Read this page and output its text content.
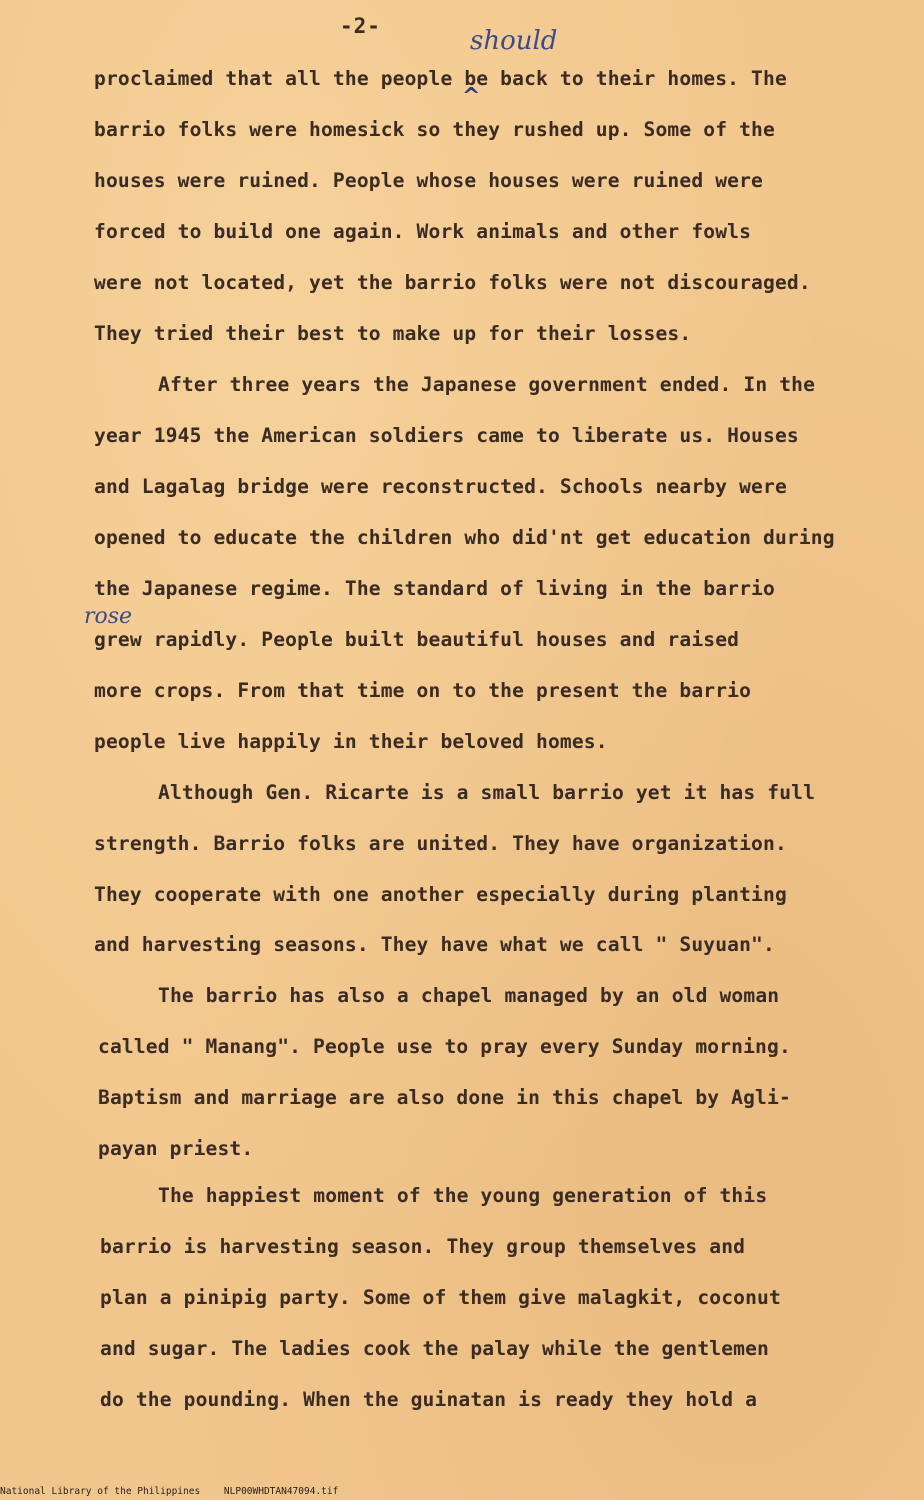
-2-	should
^
rose
proclaimed that all the people be back to their homes. The
barrio folks were homesick so they rushed up. Some of the
houses were ruined. People whose houses were ruined were
forced to build one again. Work animals and other fowls
were not located, yet the barrio folks were not discouraged.
They tried their best to make up for their losses.
After three years the Japanese government ended. In the
year 1945 the American soldiers came to liberate us. Houses
and Lagalag bridge were reconstructed. Schools nearby were
opened to educate the children who did'nt get education during
the Japanese regime. The standard of living in the barrio
grew rapidly. People built beautiful houses and raised
more crops. From that time on to the present the barrio
people live happily in their beloved homes.
Although Gen. Ricarte is a small barrio yet it has full
strength. Barrio folks are united. They have organization.
They cooperate with one another especially during planting
and harvesting seasons. They have what we call " Suyuan".
The barrio has also a chapel managed by an old woman
called " Manang". People use to pray every Sunday morning.
Baptism and marriage are also done in this chapel by Agli-
payan priest.
The happiest moment of the young generation of this
barrio is harvesting season. They group themselves and
plan a pinipig party. Some of them give malagkit, coconut
and sugar. The ladies cook the palay while the gentlemen
do the pounding. When the guinatan is ready they hold a
National Library of the Philippines NLP00WHDTAN47094.tif
